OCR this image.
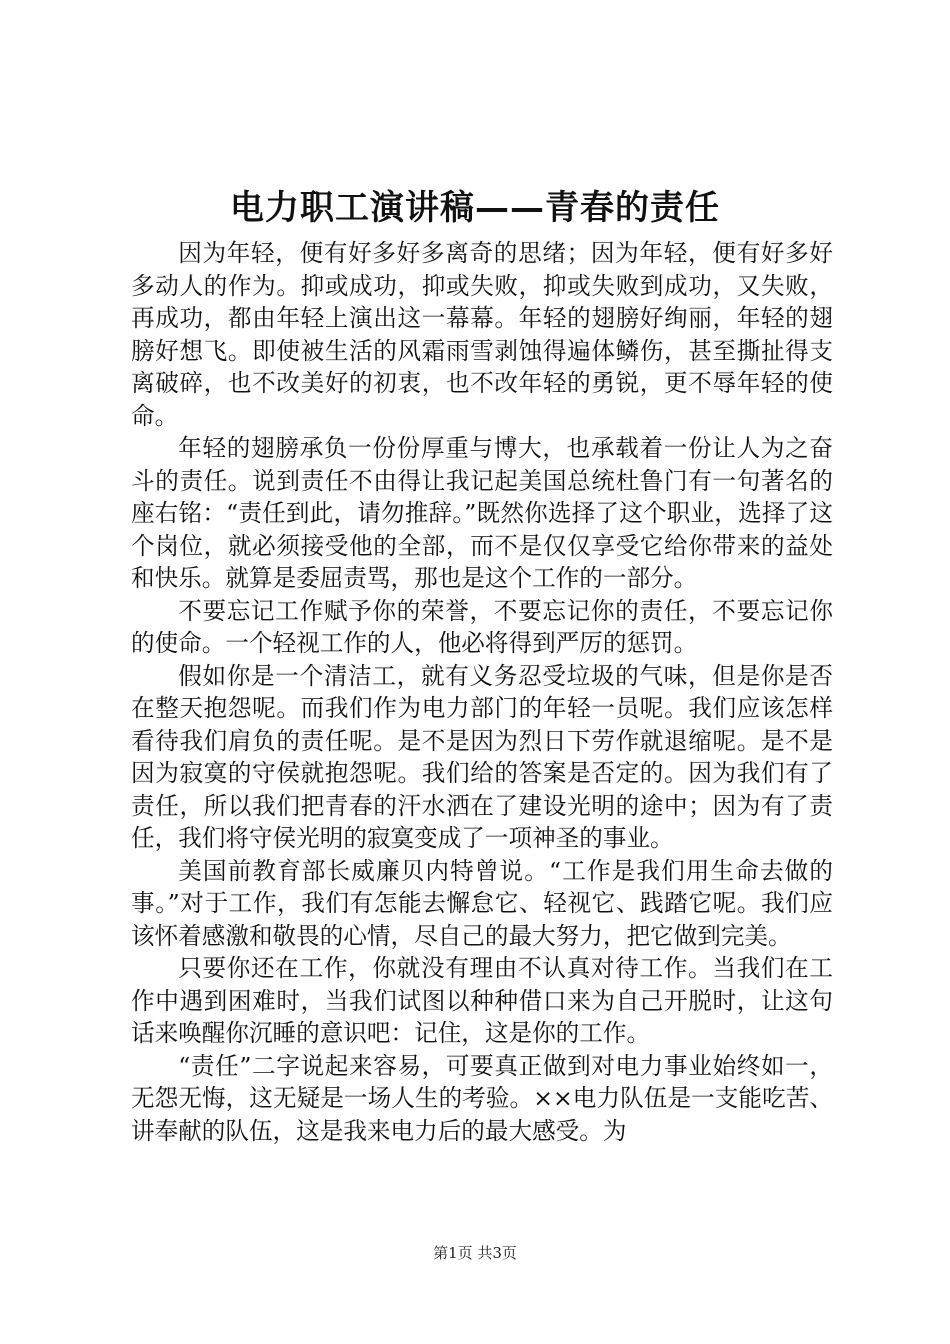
电力职工演讲稿——青春的责任

因为年轻，便有好多好多离奇的思绪；因为年轻，便有好多好多动人的作为。抑或成功，抑或失败，抑或失败到成功，又失败，再成功，都由年轻上演出这一幕幕。年轻的翅膀好绚丽，年轻的翅膀好想飞。即使被生活的风霜雨雪剥蚀得遍体鳞伤，甚至撕扯得支离破碎，也不改美好的初衷，也不改年轻的勇锐，更不辱年轻的使命。

年轻的翅膀承负一份份厚重与博大，也承载着一份让人为之奋斗的责任。说到责任不由得让我记起美国总统杜鲁门有一句著名的座右铭：“责任到此，请勿推辞。”既然你选择了这个职业，选择了这个岗位，就必须接受他的全部，而不是仅仅享受它给你带来的益处和快乐。就算是委屈责骂，那也是这个工作的一部分。

不要忘记工作赋予你的荣誉，不要忘记你的责任，不要忘记你的使命。一个轻视工作的人，他必将得到严厉的惩罚。

假如你是一个清洁工，就有义务忍受垃圾的气味，但是你是否在整天抱怨呢。而我们作为电力部门的年轻一员呢。我们应该怎样看待我们肩负的责任呢。是不是因为烈日下劳作就退缩呢。是不是因为寂寞的守侯就抱怨呢。我们给的答案是否定的。因为我们有了责任，所以我们把青春的汗水洒在了建设光明的途中；因为有了责任，我们将守侯光明的寂寞变成了一项神圣的事业。

美国前教育部长威廉贝内特曾说。“工作是我们用生命去做的事。”对于工作，我们有怎能去懈怠它、轻视它、践踏它呢。我们应该怀着感激和敬畏的心情，尽自己的最大努力，把它做到完美。

只要你还在工作，你就没有理由不认真对待工作。当我们在工作中遇到困难时，当我们试图以种种借口来为自己开脱时，让这句话来唤醒你沉睡的意识吧：记住，这是你的工作。

“责任”二字说起来容易，可要真正做到对电力事业始终如一，无怨无悔，这无疑是一场人生的考验。××电力队伍是一支能吃苦、讲奉献的队伍，这是我来电力后的最大感受。为

第1页 共3页
